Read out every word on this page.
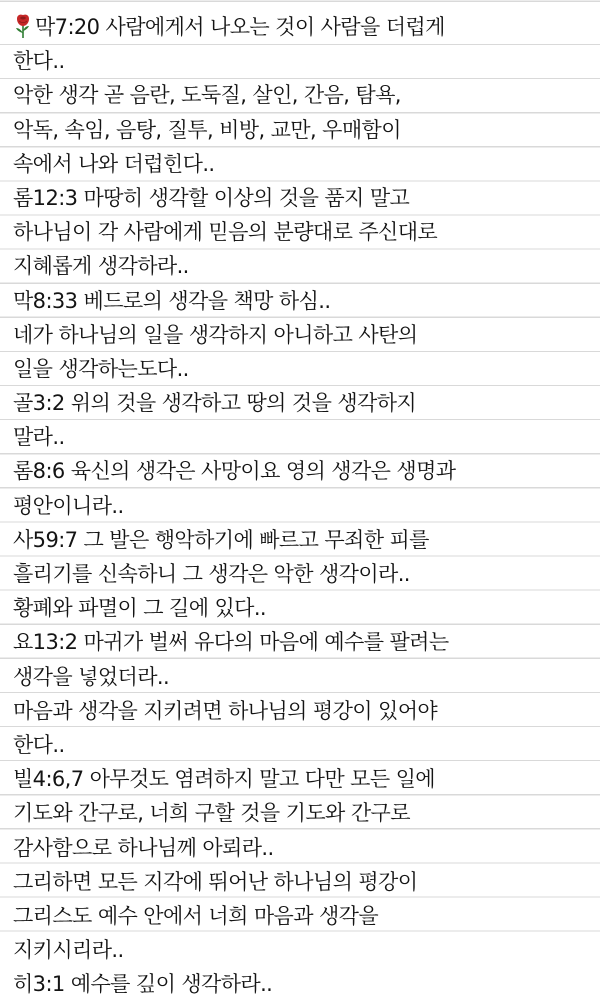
막7:20 사람에게서 나오는 것이 사람을 더럽게
한다..
악한 생각 곧 음란, 도둑질, 살인, 간음, 탐욕,
악독, 속임, 음탕, 질투, 비방, 교만, 우매함이
속에서 나와 더럽힌다..
롬12:3 마땅히 생각할 이상의 것을 품지 말고
하나님이 각 사람에게 믿음의 분량대로 주신대로
지혜롭게 생각하라..
막8:33 베드로의 생각을 책망 하심..
네가 하나님의 일을 생각하지 아니하고 사탄의
일을 생각하는도다..
골3:2 위의 것을 생각하고 땅의 것을 생각하지
말라..
롬8:6 육신의 생각은 사망이요 영의 생각은 생명과
평안이니라..
사59:7 그 발은 행악하기에 빠르고 무죄한 피를
흘리기를 신속하니 그 생각은 악한 생각이라..
황폐와 파멸이 그 길에 있다..
요13:2 마귀가 벌써 유다의 마음에 예수를 팔려는
생각을 넣었더라..
마음과 생각을 지키려면 하나님의 평강이 있어야
한다..
빌4:6,7 아무것도 염려하지 말고 다만 모든 일에
기도와 간구로, 너희 구할 것을 기도와 간구로
감사함으로 하나님께 아뢰라..
그리하면 모든 지각에 뛰어난 하나님의 평강이
그리스도 예수 안에서 너희 마음과 생각을
지키시리라..
히3:1 예수를 깊이 생각하라..
